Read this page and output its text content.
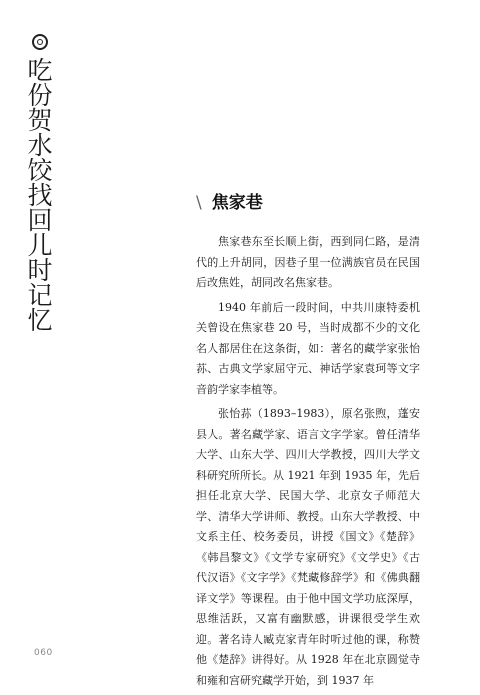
吃份贺水饺找回儿时记忆
\ 焦家巷

焦家巷东至长顺上街，西到同仁路，是清代的上升胡同，因巷子里一位满族官员在民国后改焦姓，胡同改名焦家巷。

1940 年前后一段时间，中共川康特委机关曾设在焦家巷 20 号，当时成都不少的文化名人都居住在这条街，如：著名的藏学家张怡荪、古典文学家屈守元、神话学家袁珂等文字音韵学家李植等。

张怡荪（1893–1983），原名张煦，蓬安县人。著名藏学家、语言文字学家。曾任清华大学、山东大学、四川大学教授，四川大学文科研究所所长。从 1921 年到 1935 年，先后担任北京大学、民国大学、北京女子师范大学、清华大学讲师、教授。山东大学教授、中文系主任、校务委员，讲授《国文》《楚辞》《韩昌黎文》《文学专家研究》《文学史》《古代汉语》《文字学》《梵藏修辞学》和《佛典翻译文学》等课程。由于他中国文学功底深厚，思维活跃，又富有幽默感，讲课很受学生欢迎。著名诗人臧克家青年时听过他的课，称赞他《楚辞》讲得好。从 1928 年在北京圆觉寺和雍和宫研究藏学开始，到 1937 年

060
